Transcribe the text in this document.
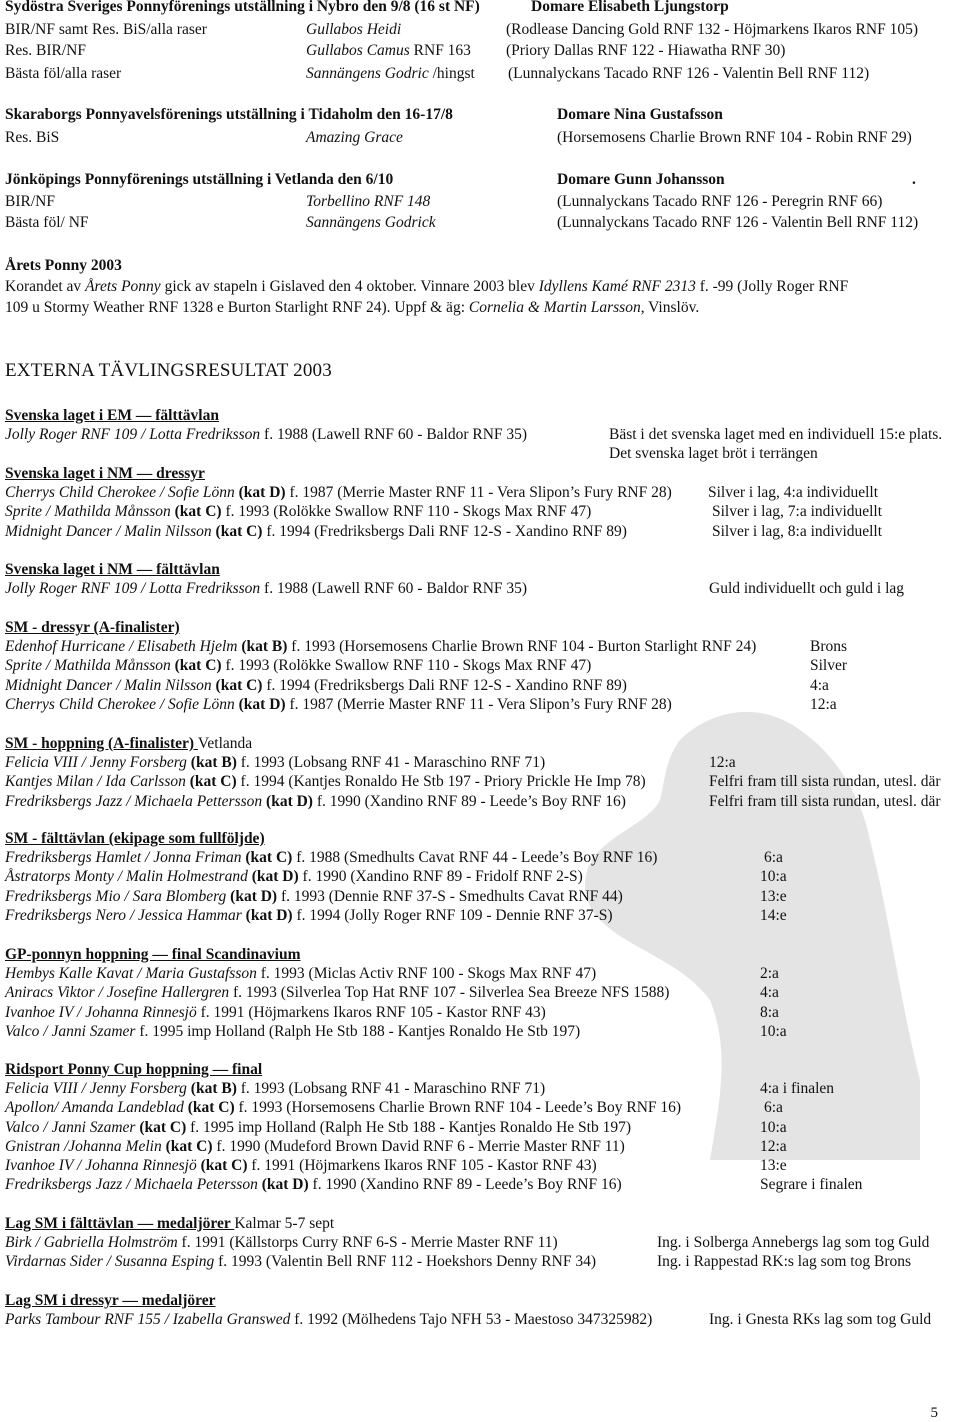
Sydöstra Sveriges Ponnyförenings utställning i Nybro den 9/8 (16 st NF)	Domare Elisabeth Ljungstorp
BIR/NF samt Res. BiS/alla raser	Gullabos Heidi	(Rodlease Dancing Gold RNF 132 - Höjmarkens Ikaros RNF 105)
Res. BIR/NF	Gullabos Camus RNF 163 (Priory Dallas RNF 122 - Hiawatha RNF 30)
Bästa föl/alla raser	Sannängens Godric /hingst (Lunnalyckans Tacado RNF 126 - Valentin Bell RNF 112)
Skaraborgs Ponnyavelsförenings utställning i Tidaholm den 16-17/8	Domare Nina Gustafsson
Res. BiS	Amazing Grace	(Horsemosens Charlie Brown RNF 104 - Robin RNF 29)
Jönköpings Ponnyförenings utställning i Vetlanda den 6/10	Domare Gunn Johansson	.
BIR/NF	Torbellino RNF 148	(Lunnalyckans Tacado RNF 126 - Peregrin RNF 66)
Bästa föl/ NF	Sannängens Godrick	(Lunnalyckans Tacado RNF 126 - Valentin Bell RNF 112)
Årets Ponny 2003
Korandet av Årets Ponny gick av stapeln i Gislaved den 4 oktober. Vinnare 2003 blev Idyllens Kamé RNF 2313 f. -99 (Jolly Roger RNF
109 u Stormy Weather RNF 1328 e Burton Starlight RNF 24). Uppf & äg: Cornelia & Martin Larsson, Vinslöv.
EXTERNA TÄVLINGSRESULTAT 2003
Svenska laget i EM — fälttävlan
Jolly Roger RNF 109 / Lotta Fredriksson f. 1988 (Lawell RNF 60 - Baldor RNF 35)	Bäst i det svenska laget med en individuell 15:e plats.
Det svenska laget bröt i terrängen
Svenska laget i NM — dressyr
Cherrys Child Cherokee / Sofie Lönn (kat D) f. 1987 (Merrie Master RNF 11 - Vera Slipon’s Fury RNF 28) Silver i lag, 4:a individuellt
Sprite / Mathilda Månsson (kat C) f. 1993 (Rolökke Swallow RNF 110 - Skogs Max RNF 47)	Silver i lag, 7:a individuellt
Midnight Dancer / Malin Nilsson (kat C) f. 1994 (Fredriksbergs Dali RNF 12-S - Xandino RNF 89)	Silver i lag, 8:a individuellt
Svenska laget i NM — fälttävlan
Jolly Roger RNF 109 / Lotta Fredriksson f. 1988 (Lawell RNF 60 - Baldor RNF 35)	Guld individuellt och guld i lag
SM - dressyr (A-finalister)
Edenhof Hurricane / Elisabeth Hjelm (kat B) f. 1993 (Horsemosens Charlie Brown RNF 104 - Burton Starlight RNF 24)	Brons
Sprite / Mathilda Månsson (kat C) f. 1993 (Rolökke Swallow RNF 110 - Skogs Max RNF 47)	Silver
Midnight Dancer / Malin Nilsson (kat C) f. 1994 (Fredriksbergs Dali RNF 12-S - Xandino RNF 89)	4:a
Cherrys Child Cherokee / Sofie Lönn (kat D) f. 1987 (Merrie Master RNF 11 - Vera Slipon’s Fury RNF 28)	12:a
SM - hoppning (A-finalister) Vetlanda
Felicia VIII / Jenny Forsberg (kat B) f. 1993 (Lobsang RNF 41 - Maraschino RNF 71)	12:a
Kantjes Milan / Ida Carlsson (kat C) f. 1994 (Kantjes Ronaldo He Stb 197 - Priory Prickle He Imp 78)	Felfri fram till sista rundan, utesl. där
Fredriksbergs Jazz / Michaela Pettersson (kat D) f. 1990 (Xandino RNF 89 - Leede’s Boy RNF 16)	Felfri fram till sista rundan, utesl. där
SM - fälttävlan (ekipage som fullföljde)
Fredriksbergs Hamlet / Jonna Friman (kat C) f. 1988 (Smedhults Cavat RNF 44 - Leede’s Boy RNF 16)	6:a
Åstratorps Monty / Malin Holmestrand (kat D) f. 1990 (Xandino RNF 89 - Fridolf RNF 2-S)	10:a
Fredriksbergs Mio / Sara Blomberg (kat D) f. 1993 (Dennie RNF 37-S - Smedhults Cavat RNF 44)	13:e
Fredriksbergs Nero / Jessica Hammar (kat D) f. 1994 (Jolly Roger RNF 109 - Dennie RNF 37-S)	14:e
GP-ponnyn hoppning — final Scandinavium
Hembys Kalle Kavat / Maria Gustafsson f. 1993 (Miclas Activ RNF 100 - Skogs Max RNF 47)	2:a
Aniracs Viktor / Josefine Hallergren f. 1993 (Silverlea Top Hat RNF 107 - Silverlea Sea Breeze NFS 1588)	4:a
Ivanhoe IV / Johanna Rinnesjö f. 1991 (Höjmarkens Ikaros RNF 105 - Kastor RNF 43)	8:a
Valco / Janni Szamer f. 1995 imp Holland (Ralph He Stb 188 - Kantjes Ronaldo He Stb 197)	10:a
Ridsport Ponny Cup hoppning — final
Felicia VIII / Jenny Forsberg (kat B) f. 1993 (Lobsang RNF 41 - Maraschino RNF 71)	4:a i finalen
Apollon/ Amanda Landeblad (kat C) f. 1993 (Horsemosens Charlie Brown RNF 104 - Leede’s Boy RNF 16)	6:a
Valco / Janni Szamer (kat C) f. 1995 imp Holland (Ralph He Stb 188 - Kantjes Ronaldo He Stb 197)	10:a
Gnistran /Johanna Melin (kat C) f. 1990 (Mudeford Brown David RNF 6 - Merrie Master RNF 11)	12:a
Ivanhoe IV / Johanna Rinnesjö (kat C) f. 1991 (Höjmarkens Ikaros RNF 105 - Kastor RNF 43)	13:e
Fredriksbergs Jazz / Michaela Petersson (kat D) f. 1990 (Xandino RNF 89 - Leede’s Boy RNF 16)	Segrare i finalen
Lag SM i fälttävlan — medaljörer Kalmar 5-7 sept
Birk / Gabriella Holmström f. 1991 (Källstorps Curry RNF 6-S - Merrie Master RNF 11)	Ing. i Solberga Annebergs lag som tog Guld
Virdarnas Sider / Susanna Esping f. 1993 (Valentin Bell RNF 112 - Hoekshors Denny RNF 34)	Ing. i Rappestad RK:s lag som tog Brons
Lag SM i dressyr — medaljörer
Parks Tambour RNF 155 / Izabella Granswed f. 1992 (Mölhedens Tajo NFH 53 - Maestoso 347325982)	Ing. i Gnesta RKs lag som tog Guld
5
